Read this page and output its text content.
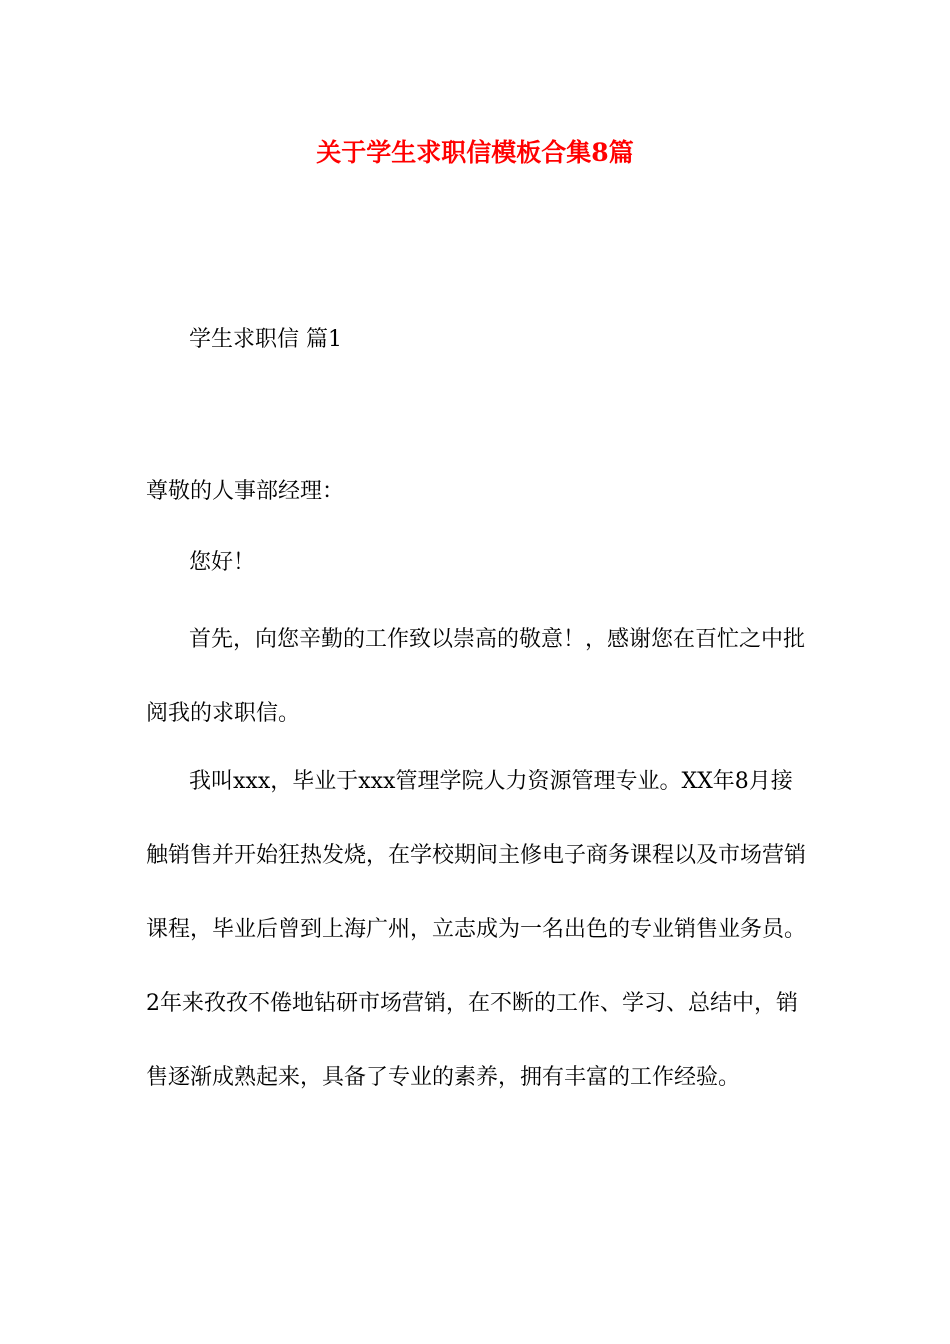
关于学生求职信模板合集8篇
学生求职信 篇1
尊敬的人事部经理：
您好！
首先，向您辛勤的工作致以崇高的敬意！，感谢您在百忙之中批阅我的求职信。
我叫xxx，毕业于xxx管理学院人力资源管理专业。XX年8月接触销售并开始狂热发烧，在学校期间主修电子商务课程以及市场营销课程，毕业后曾到上海广州，立志成为一名出色的专业销售业务员。2年来孜孜不倦地钻研市场营销，在不断的工作、学习、总结中，销售逐渐成熟起来，具备了专业的素养，拥有丰富的工作经验。
